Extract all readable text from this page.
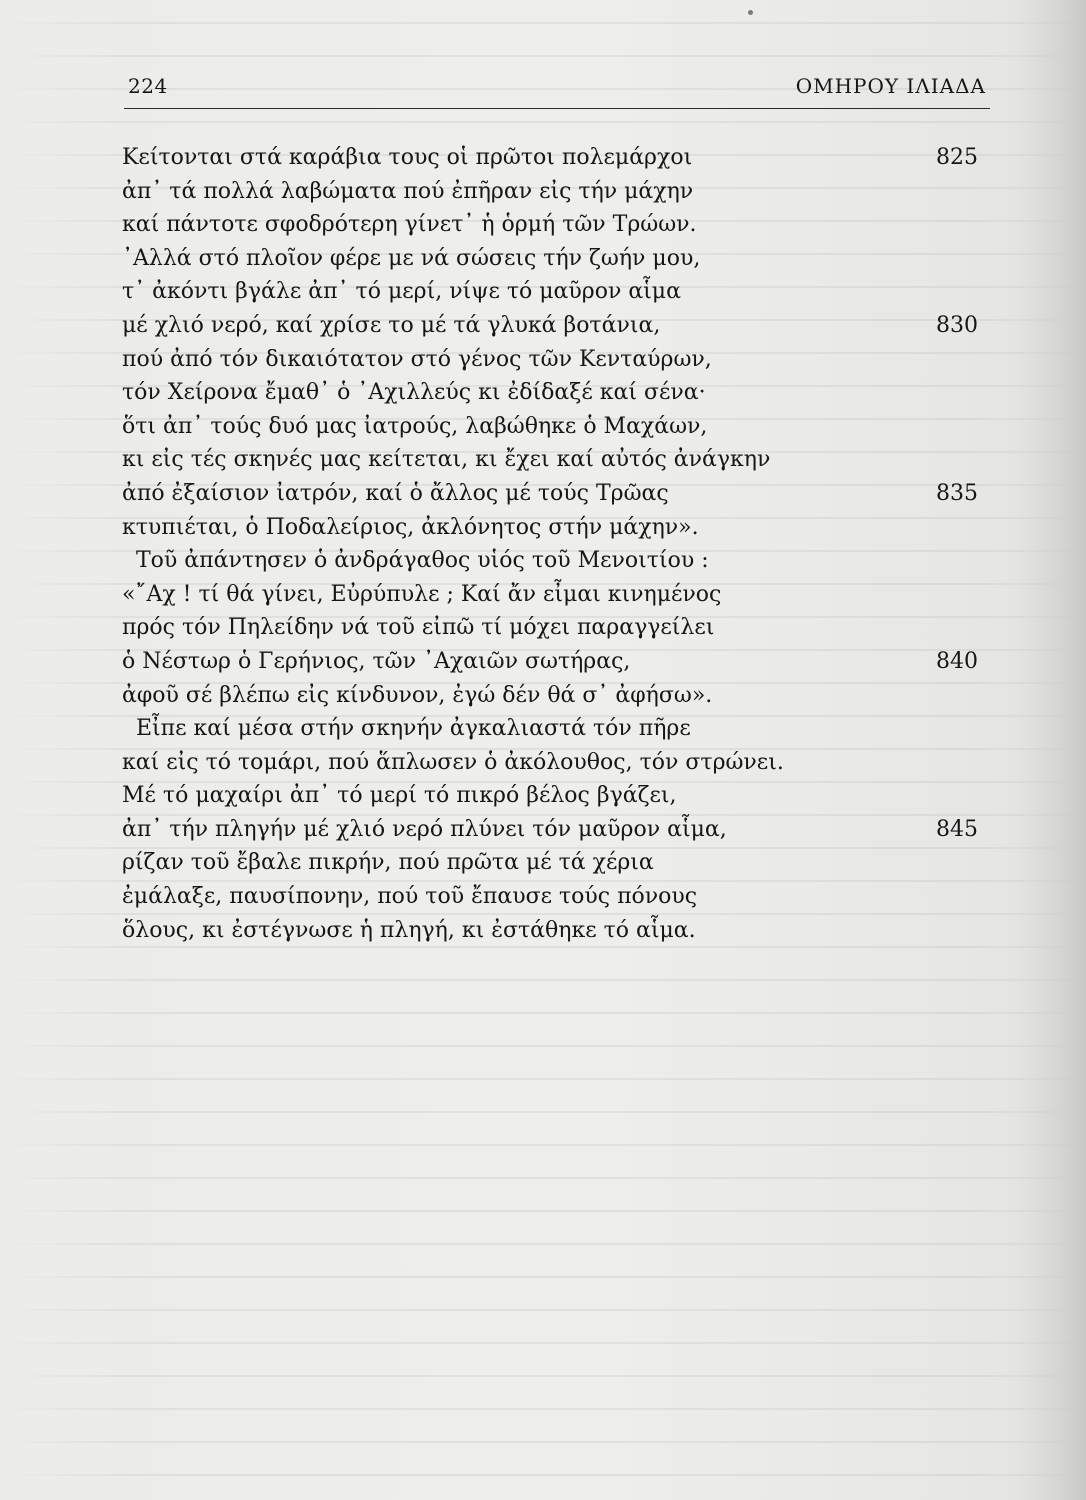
224	ΟΜΗΡΟΥ ΙΛΙΑΔΑ
Κείτονται στά καράβια τους οἱ πρῶτοι πολεμάρχοι	825
ἀπ᾿ τά πολλά λαβώματα πού ἐπῆραν εἰς τήν μάχην
καί πάντοτε σφοδρότερη γίνετ᾿ ἡ ὁρμή τῶν Τρώων.
᾿Αλλά στό πλοῖον φέρε με νά σώσεις τήν ζωήν μου,
τ᾿ ἀκόντι βγάλε ἀπ᾿ τό μερί, νίψε τό μαῦρον αἷμα
μέ χλιό νερό, καί χρίσε το μέ τά γλυκά βοτάνια,	830
πού ἀπό τόν δικαιότατον στό γένος τῶν Κενταύρων,
τόν Χείρονα ἔμαθ᾿ ὁ ᾿Αχιλλεύς κι ἐδίδαξέ καί σένα·
ὅτι ἀπ᾿ τούς δυό μας ἰατρούς, λαβώθηκε ὁ Μαχάων,
κι εἰς τές σκηνές μας κείτεται, κι ἔχει καί αὐτός ἀνάγκην
ἀπό ἐξαίσιον ἰατρόν, καί ὁ ἄλλος μέ τούς Τρῶας	835
κτυπιέται, ὁ Ποδαλείριος, ἀκλόνητος στήν μάχην».
Τοῦ ἀπάντησεν ὁ ἀνδράγαθος υἱός τοῦ Μενοιτίου :
«῎Αχ ! τί θά γίνει, Εὐρύπυλε ; Καί ἄν εἶμαι κινημένος
πρός τόν Πηλείδην νά τοῦ εἰπῶ τί μόχει παραγγείλει
ὁ Νέστωρ ὁ Γερήνιος, τῶν ᾿Αχαιῶν σωτήρας,	840
ἀφοῦ σέ βλέπω εἰς κίνδυνον, ἐγώ δέν θά σ᾿ ἀφήσω».
Εἶπε καί μέσα στήν σκηνήν ἀγκαλιαστά τόν πῆρε
καί εἰς τό τομάρι, πού ἅπλωσεν ὁ ἀκόλουθος, τόν στρώνει.
Μέ τό μαχαίρι ἀπ᾿ τό μερί τό πικρό βέλος βγάζει,
ἀπ᾿ τήν πληγήν μέ χλιό νερό πλύνει τόν μαῦρον αἷμα,	845
ρίζαν τοῦ ἔβαλε πικρήν, πού πρῶτα μέ τά χέρια
ἐμάλαξε, παυσίπονην, πού τοῦ ἔπαυσε τούς πόνους
ὅλους, κι ἐστέγνωσε ἡ πληγή, κι ἐστάθηκε τό αἷμα.
